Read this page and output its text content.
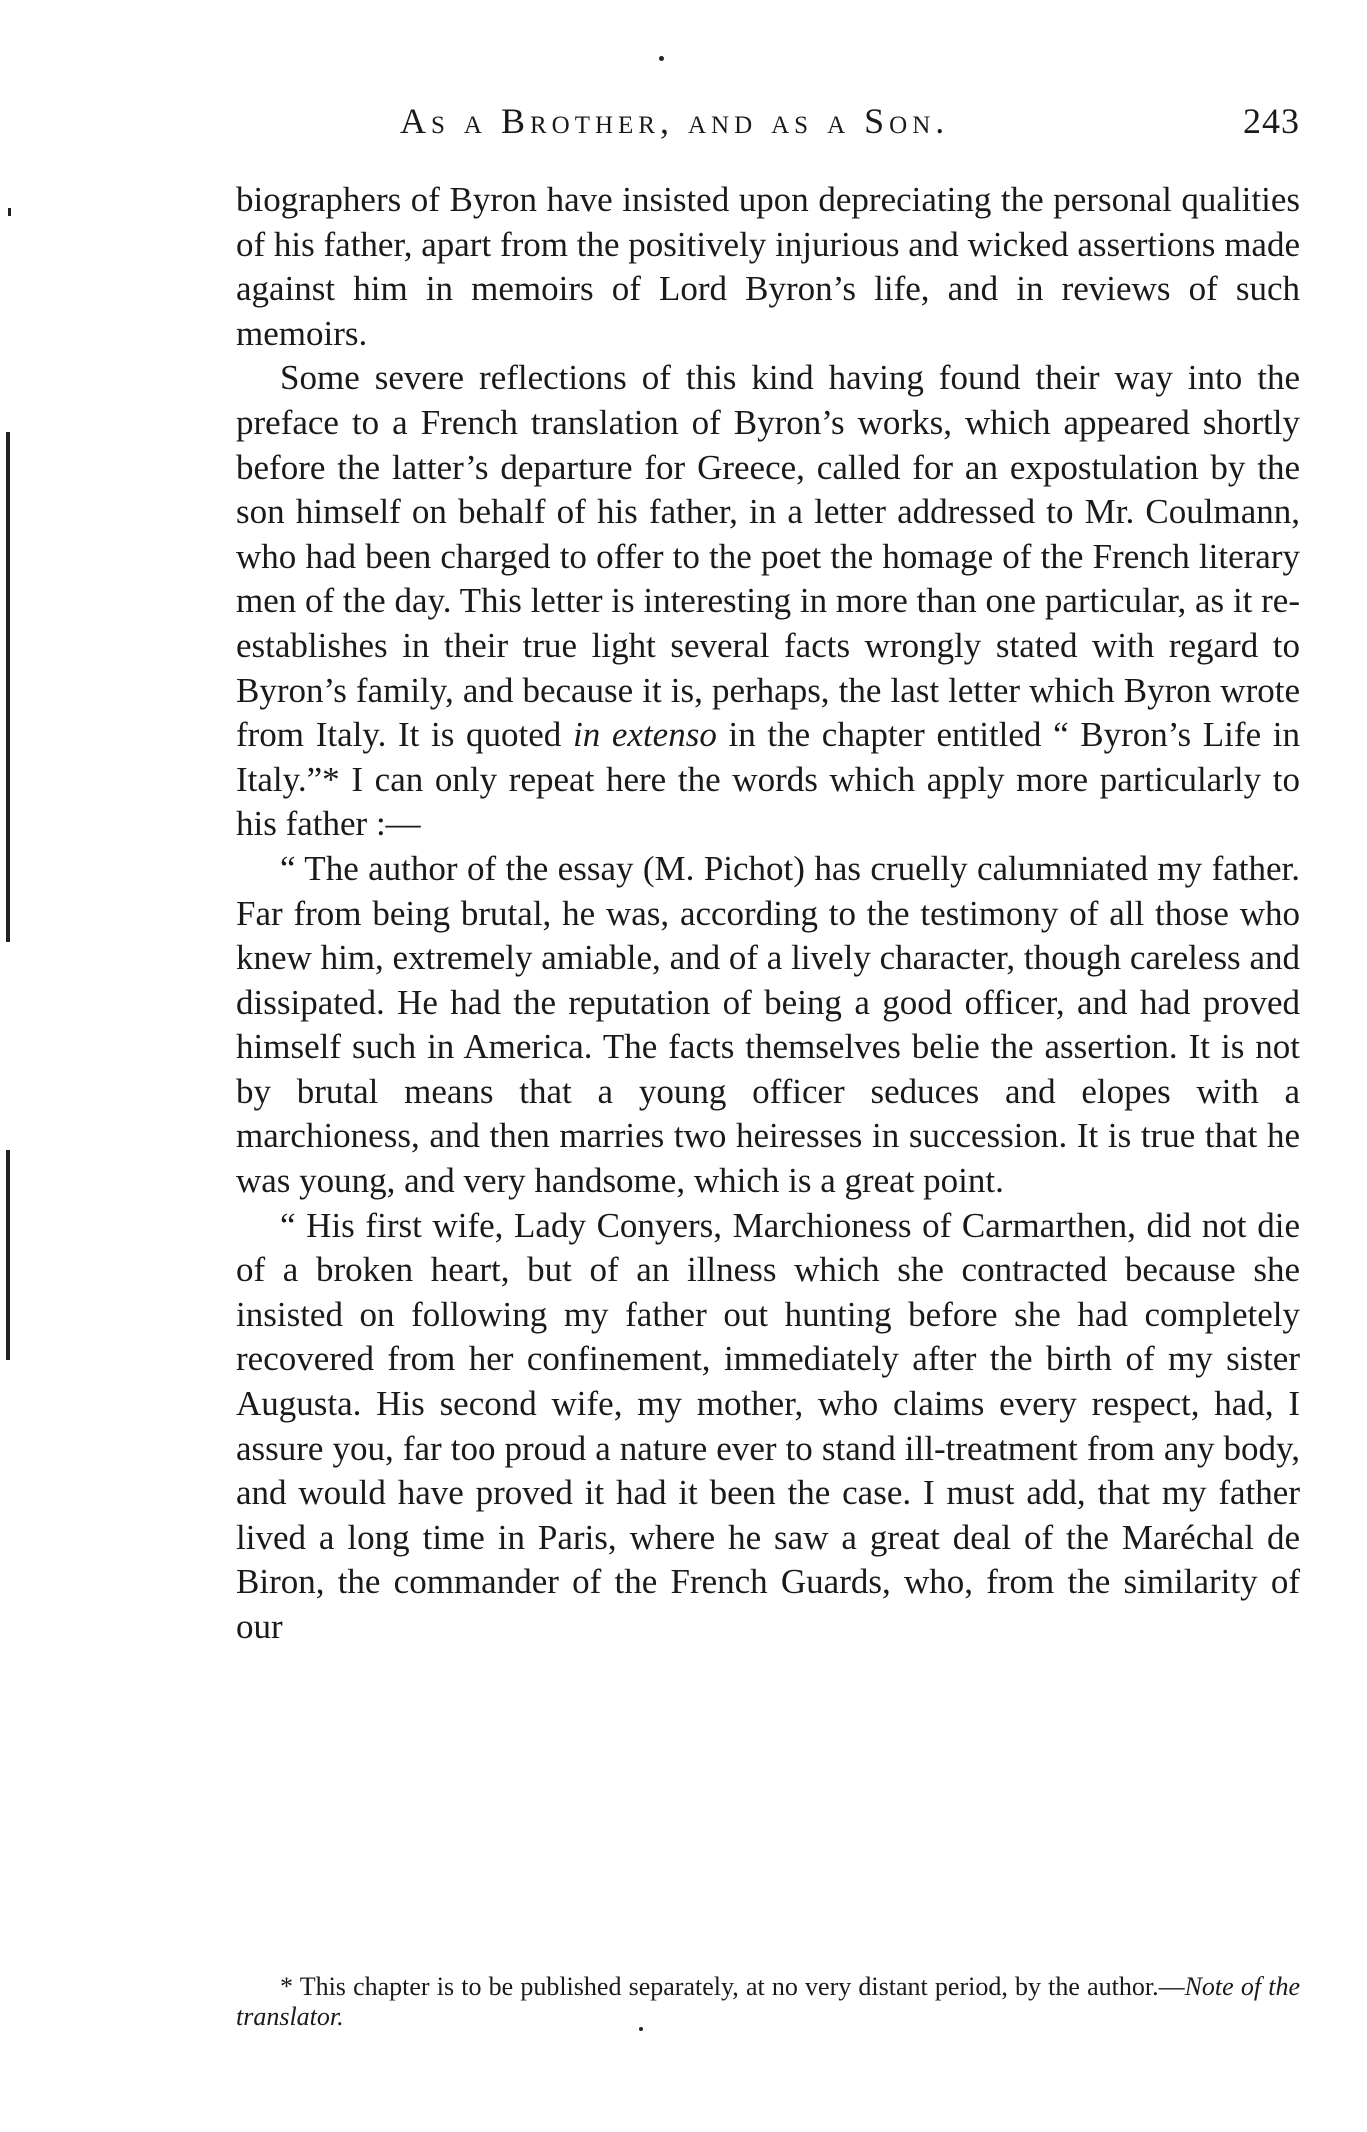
As a Brother, and as a Son.	243

biographers of Byron have insisted upon depreciating the personal qualities of his father, apart from the positively injurious and wicked assertions made against him in memoirs of Lord Byron’s life, and in reviews of such memoirs.

Some severe reflections of this kind having found their way into the preface to a French translation of Byron’s works, which appeared shortly before the latter’s departure for Greece, called for an expostulation by the son himself on behalf of his father, in a letter addressed to Mr. Coulmann, who had been charged to offer to the poet the homage of the French literary men of the day. This letter is interesting in more than one particular, as it re-establishes in their true light several facts wrongly stated with regard to Byron’s family, and because it is, perhaps, the last letter which Byron wrote from Italy. It is quoted in extenso in the chapter entitled “ Byron’s Life in Italy.”* I can only repeat here the words which apply more particularly to his father :—

“ The author of the essay (M. Pichot) has cruelly calumniated my father. Far from being brutal, he was, according to the testimony of all those who knew him, extremely amiable, and of a lively character, though careless and dissipated. He had the reputation of being a good officer, and had proved himself such in America. The facts themselves belie the assertion. It is not by brutal means that a young officer seduces and elopes with a marchioness, and then marries two heiresses in succession. It is true that he was young, and very handsome, which is a great point.

“ His first wife, Lady Conyers, Marchioness of Carmarthen, did not die of a broken heart, but of an illness which she contracted because she insisted on following my father out hunting before she had completely recovered from her confinement, immediately after the birth of my sister Augusta. His second wife, my mother, who claims every respect, had, I assure you, far too proud a nature ever to stand ill-treatment from any body, and would have proved it had it been the case. I must add, that my father lived a long time in Paris, where he saw a great deal of the Maréchal de Biron, the commander of the French Guards, who, from the similarity of our

* This chapter is to be published separately, at no very distant period, by the author.—Note of the translator.
